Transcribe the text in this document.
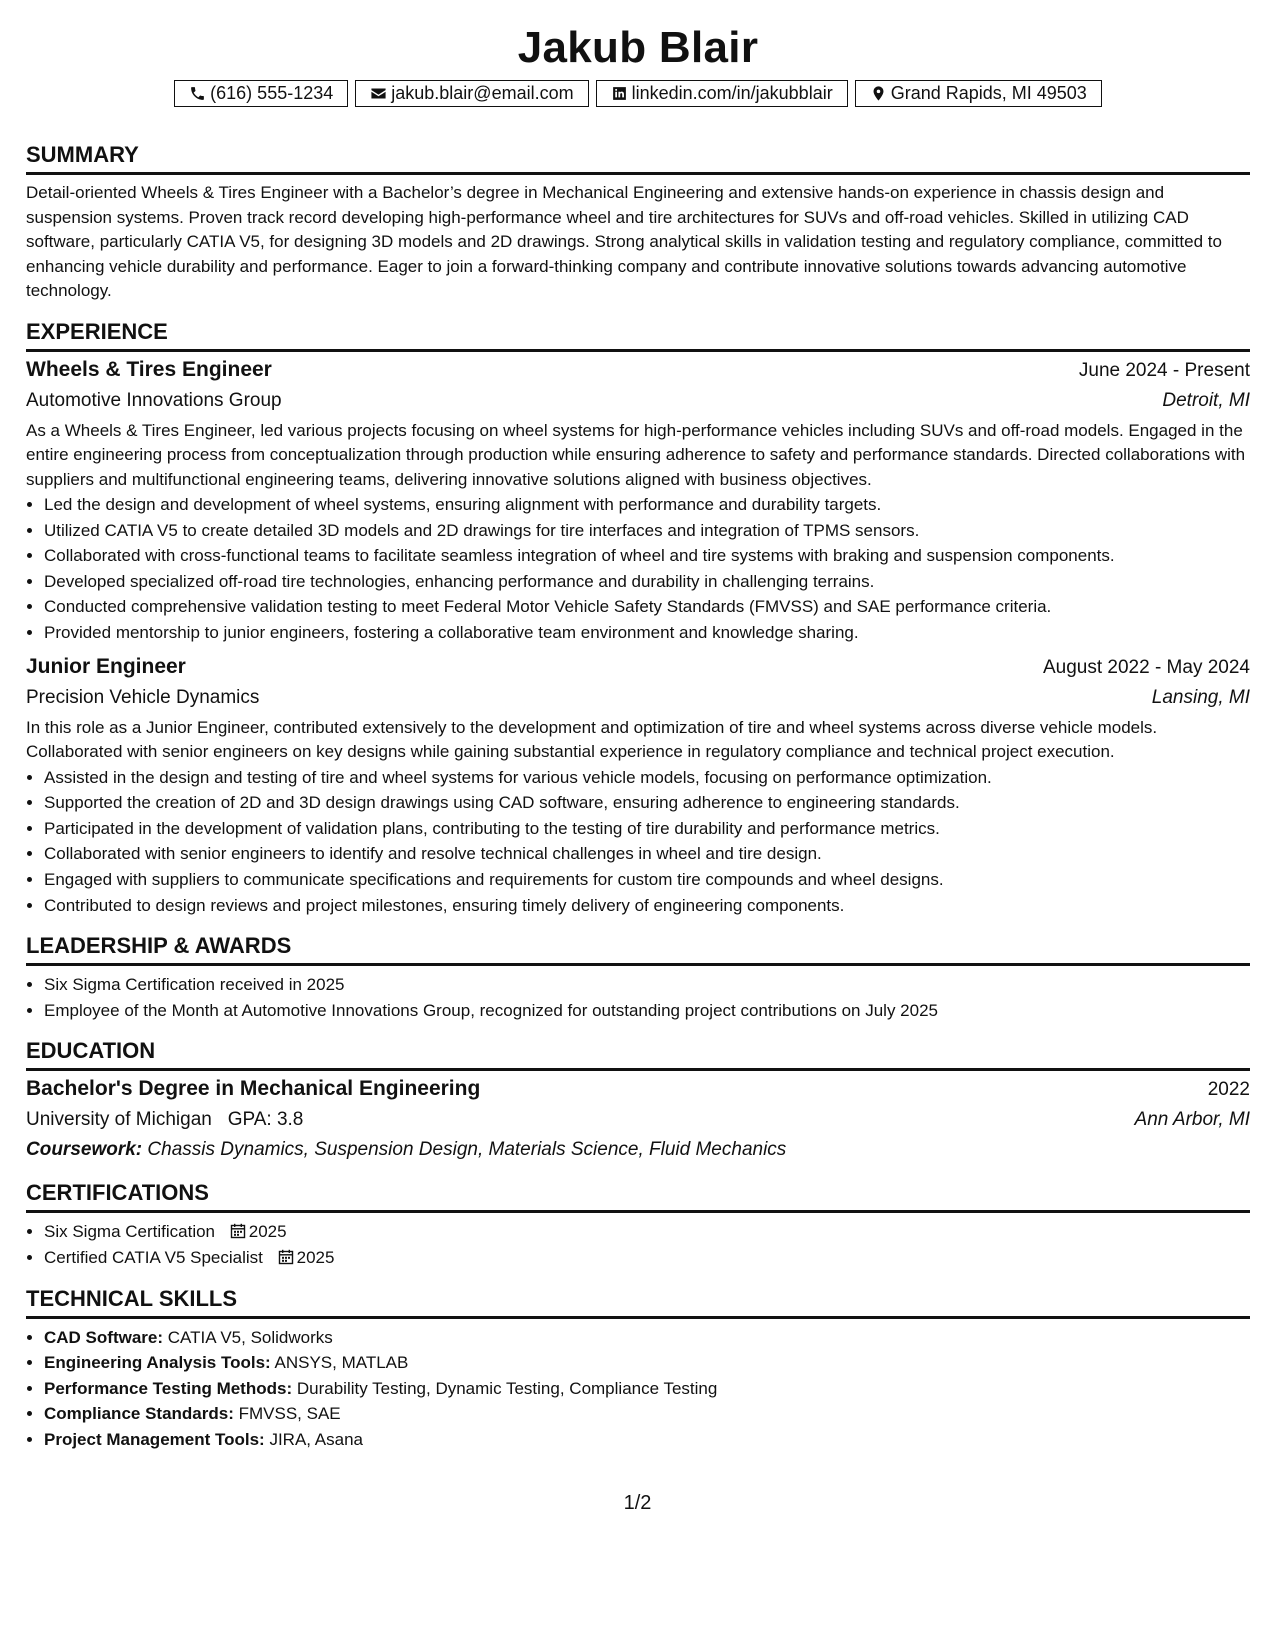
Jakub Blair
(616) 555-1234	jakub.blair@email.com	linkedin.com/in/jakubblair	Grand Rapids, MI 49503
SUMMARY

Detail-oriented Wheels & Tires Engineer with a Bachelor’s degree in Mechanical Engineering and extensive hands-on experience in chassis design and suspension systems. Proven track record developing high-performance wheel and tire architectures for SUVs and off-road vehicles. Skilled in utilizing CAD software, particularly CATIA V5, for designing 3D models and 2D drawings. Strong analytical skills in validation testing and regulatory compliance, committed to enhancing vehicle durability and performance. Eager to join a forward-thinking company and contribute innovative solutions towards advancing automotive technology.

EXPERIENCE
Wheels & Tires Engineer	June 2024 - Present
Automotive Innovations Group	Detroit, MI

As a Wheels & Tires Engineer, led various projects focusing on wheel systems for high-performance vehicles including SUVs and off-road models. Engaged in the entire engineering process from conceptualization through production while ensuring adherence to safety and performance standards. Directed collaborations with suppliers and multifunctional engineering teams, delivering innovative solutions aligned with business objectives.

• Led the design and development of wheel systems, ensuring alignment with performance and durability targets.
• Utilized CATIA V5 to create detailed 3D models and 2D drawings for tire interfaces and integration of TPMS sensors.
• Collaborated with cross-functional teams to facilitate seamless integration of wheel and tire systems with braking and suspension components.
• Developed specialized off-road tire technologies, enhancing performance and durability in challenging terrains.
• Conducted comprehensive validation testing to meet Federal Motor Vehicle Safety Standards (FMVSS) and SAE performance criteria.
• Provided mentorship to junior engineers, fostering a collaborative team environment and knowledge sharing.
Junior Engineer	August 2022 - May 2024
Precision Vehicle Dynamics	Lansing, MI

In this role as a Junior Engineer, contributed extensively to the development and optimization of tire and wheel systems across diverse vehicle models. Collaborated with senior engineers on key designs while gaining substantial experience in regulatory compliance and technical project execution.

• Assisted in the design and testing of tire and wheel systems for various vehicle models, focusing on performance optimization.
• Supported the creation of 2D and 3D design drawings using CAD software, ensuring adherence to engineering standards.
• Participated in the development of validation plans, contributing to the testing of tire durability and performance metrics.
• Collaborated with senior engineers to identify and resolve technical challenges in wheel and tire design.
• Engaged with suppliers to communicate specifications and requirements for custom tire compounds and wheel designs.
• Contributed to design reviews and project milestones, ensuring timely delivery of engineering components.
LEADERSHIP & AWARDS
• Six Sigma Certification received in 2025
• Employee of the Month at Automotive Innovations Group, recognized for outstanding project contributions on July 2025
EDUCATION
Bachelor's Degree in Mechanical Engineering	2022
University of Michigan GPA: 3.8	Ann Arbor, MI
Coursework: Chassis Dynamics, Suspension Design, Materials Science, Fluid Mechanics
CERTIFICATIONS
• Six Sigma Certification 2025
• Certified CATIA V5 Specialist 2025
TECHNICAL SKILLS
• CAD Software: CATIA V5, Solidworks
• Engineering Analysis Tools: ANSYS, MATLAB
• Performance Testing Methods: Durability Testing, Dynamic Testing, Compliance Testing
• Compliance Standards: FMVSS, SAE
• Project Management Tools: JIRA, Asana
1/2
